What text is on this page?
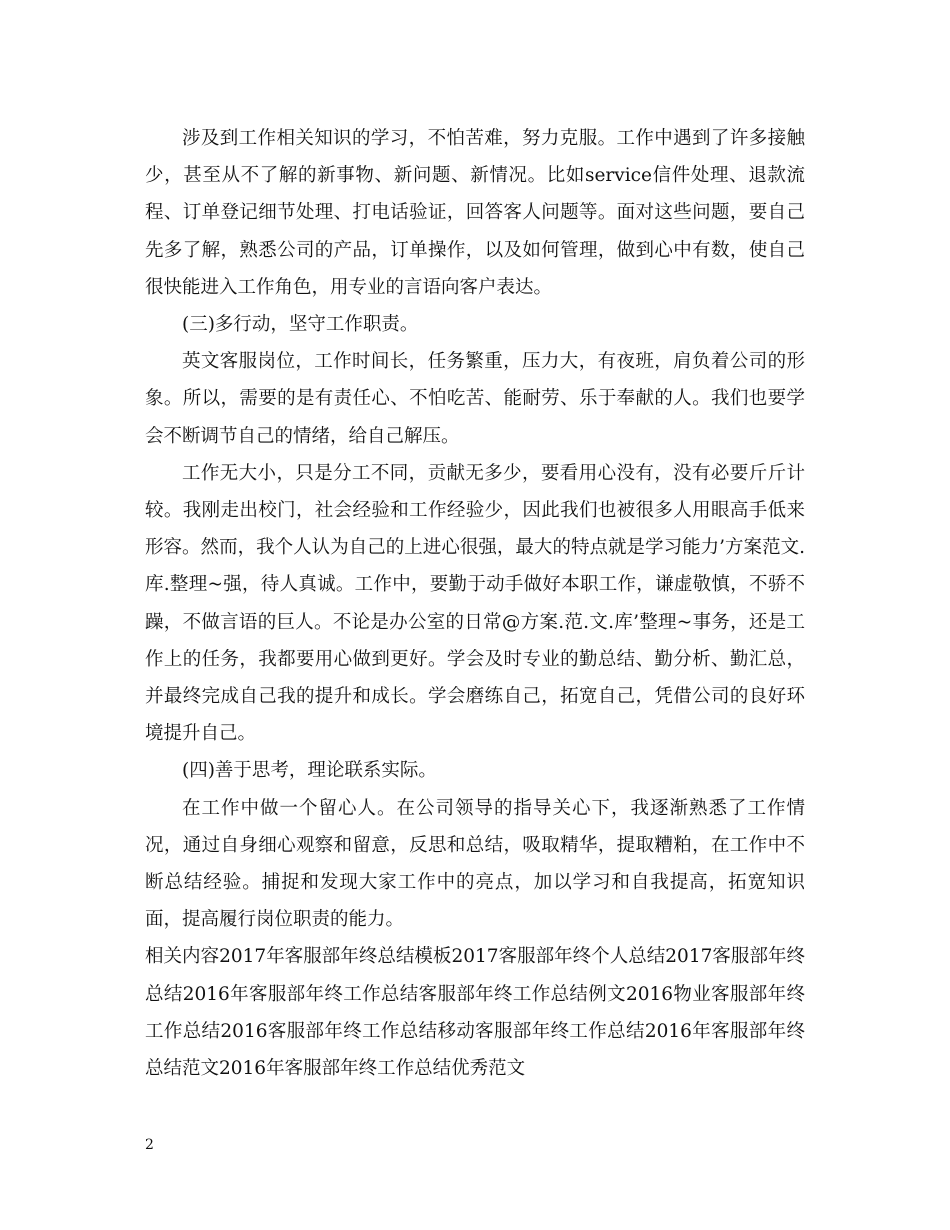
涉及到工作相关知识的学习，不怕苦难，努力克服。工作中遇到了许多接触少，甚至从不了解的新事物、新问题、新情况。比如service信件处理、退款流程、订单登记细节处理、打电话验证，回答客人问题等。面对这些问题，要自己先多了解，熟悉公司的产品，订单操作，以及如何管理，做到心中有数，使自己很快能进入工作角色，用专业的言语向客户表达。

(三)多行动，坚守工作职责。

英文客服岗位，工作时间长，任务繁重，压力大，有夜班，肩负着公司的形象。所以，需要的是有责任心、不怕吃苦、能耐劳、乐于奉献的人。我们也要学会不断调节自己的情绪，给自己解压。

工作无大小，只是分工不同，贡献无多少，要看用心没有，没有必要斤斤计较。我刚走出校门，社会经验和工作经验少，因此我们也被很多人用眼高手低来形容。然而，我个人认为自己的上进心很强，最大的特点就是学习能力’方案范文.库.整理~强，待人真诚。工作中，要勤于动手做好本职工作，谦虚敬慎，不骄不躁，不做言语的巨人。不论是办公室的日常@方案.范.文.库’整理~事务，还是工作上的任务，我都要用心做到更好。学会及时专业的勤总结、勤分析、勤汇总，并最终完成自己我的提升和成长。学会磨练自己，拓宽自己，凭借公司的良好环境提升自己。

(四)善于思考，理论联系实际。

在工作中做一个留心人。在公司领导的指导关心下，我逐渐熟悉了工作情况，通过自身细心观察和留意，反思和总结，吸取精华，提取糟粕，在工作中不断总结经验。捕捉和发现大家工作中的亮点，加以学习和自我提高，拓宽知识面，提高履行岗位职责的能力。

相关内容2017年客服部年终总结模板2017客服部年终个人总结2017客服部年终总结2016年客服部年终工作总结客服部年终工作总结例文2016物业客服部年终工作总结2016客服部年终工作总结移动客服部年终工作总结2016年客服部年终总结范文2016年客服部年终工作总结优秀范文

2
